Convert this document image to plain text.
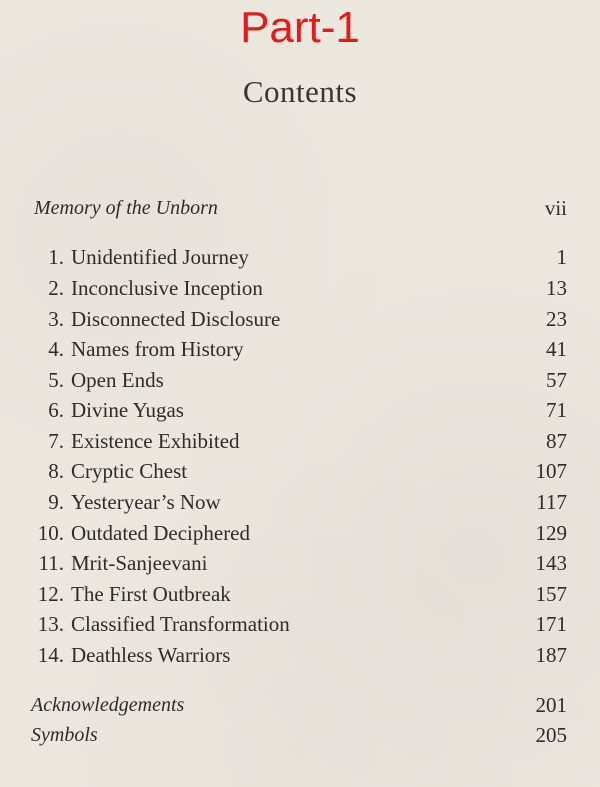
Part-1
Contents
Memory of the Unborn	vii
1. Unidentified Journey	1
2. Inconclusive Inception	13
3. Disconnected Disclosure	23
4. Names from History	41
5. Open Ends	57
6. Divine Yugas	71
7. Existence Exhibited	87
8. Cryptic Chest	107
9. Yesteryear’s Now	117
10. Outdated Deciphered	129
11. Mrit-Sanjeevani	143
12. The First Outbreak	157
13. Classified Transformation	171
14. Deathless Warriors	187
Acknowledgements	201
Symbols	205
